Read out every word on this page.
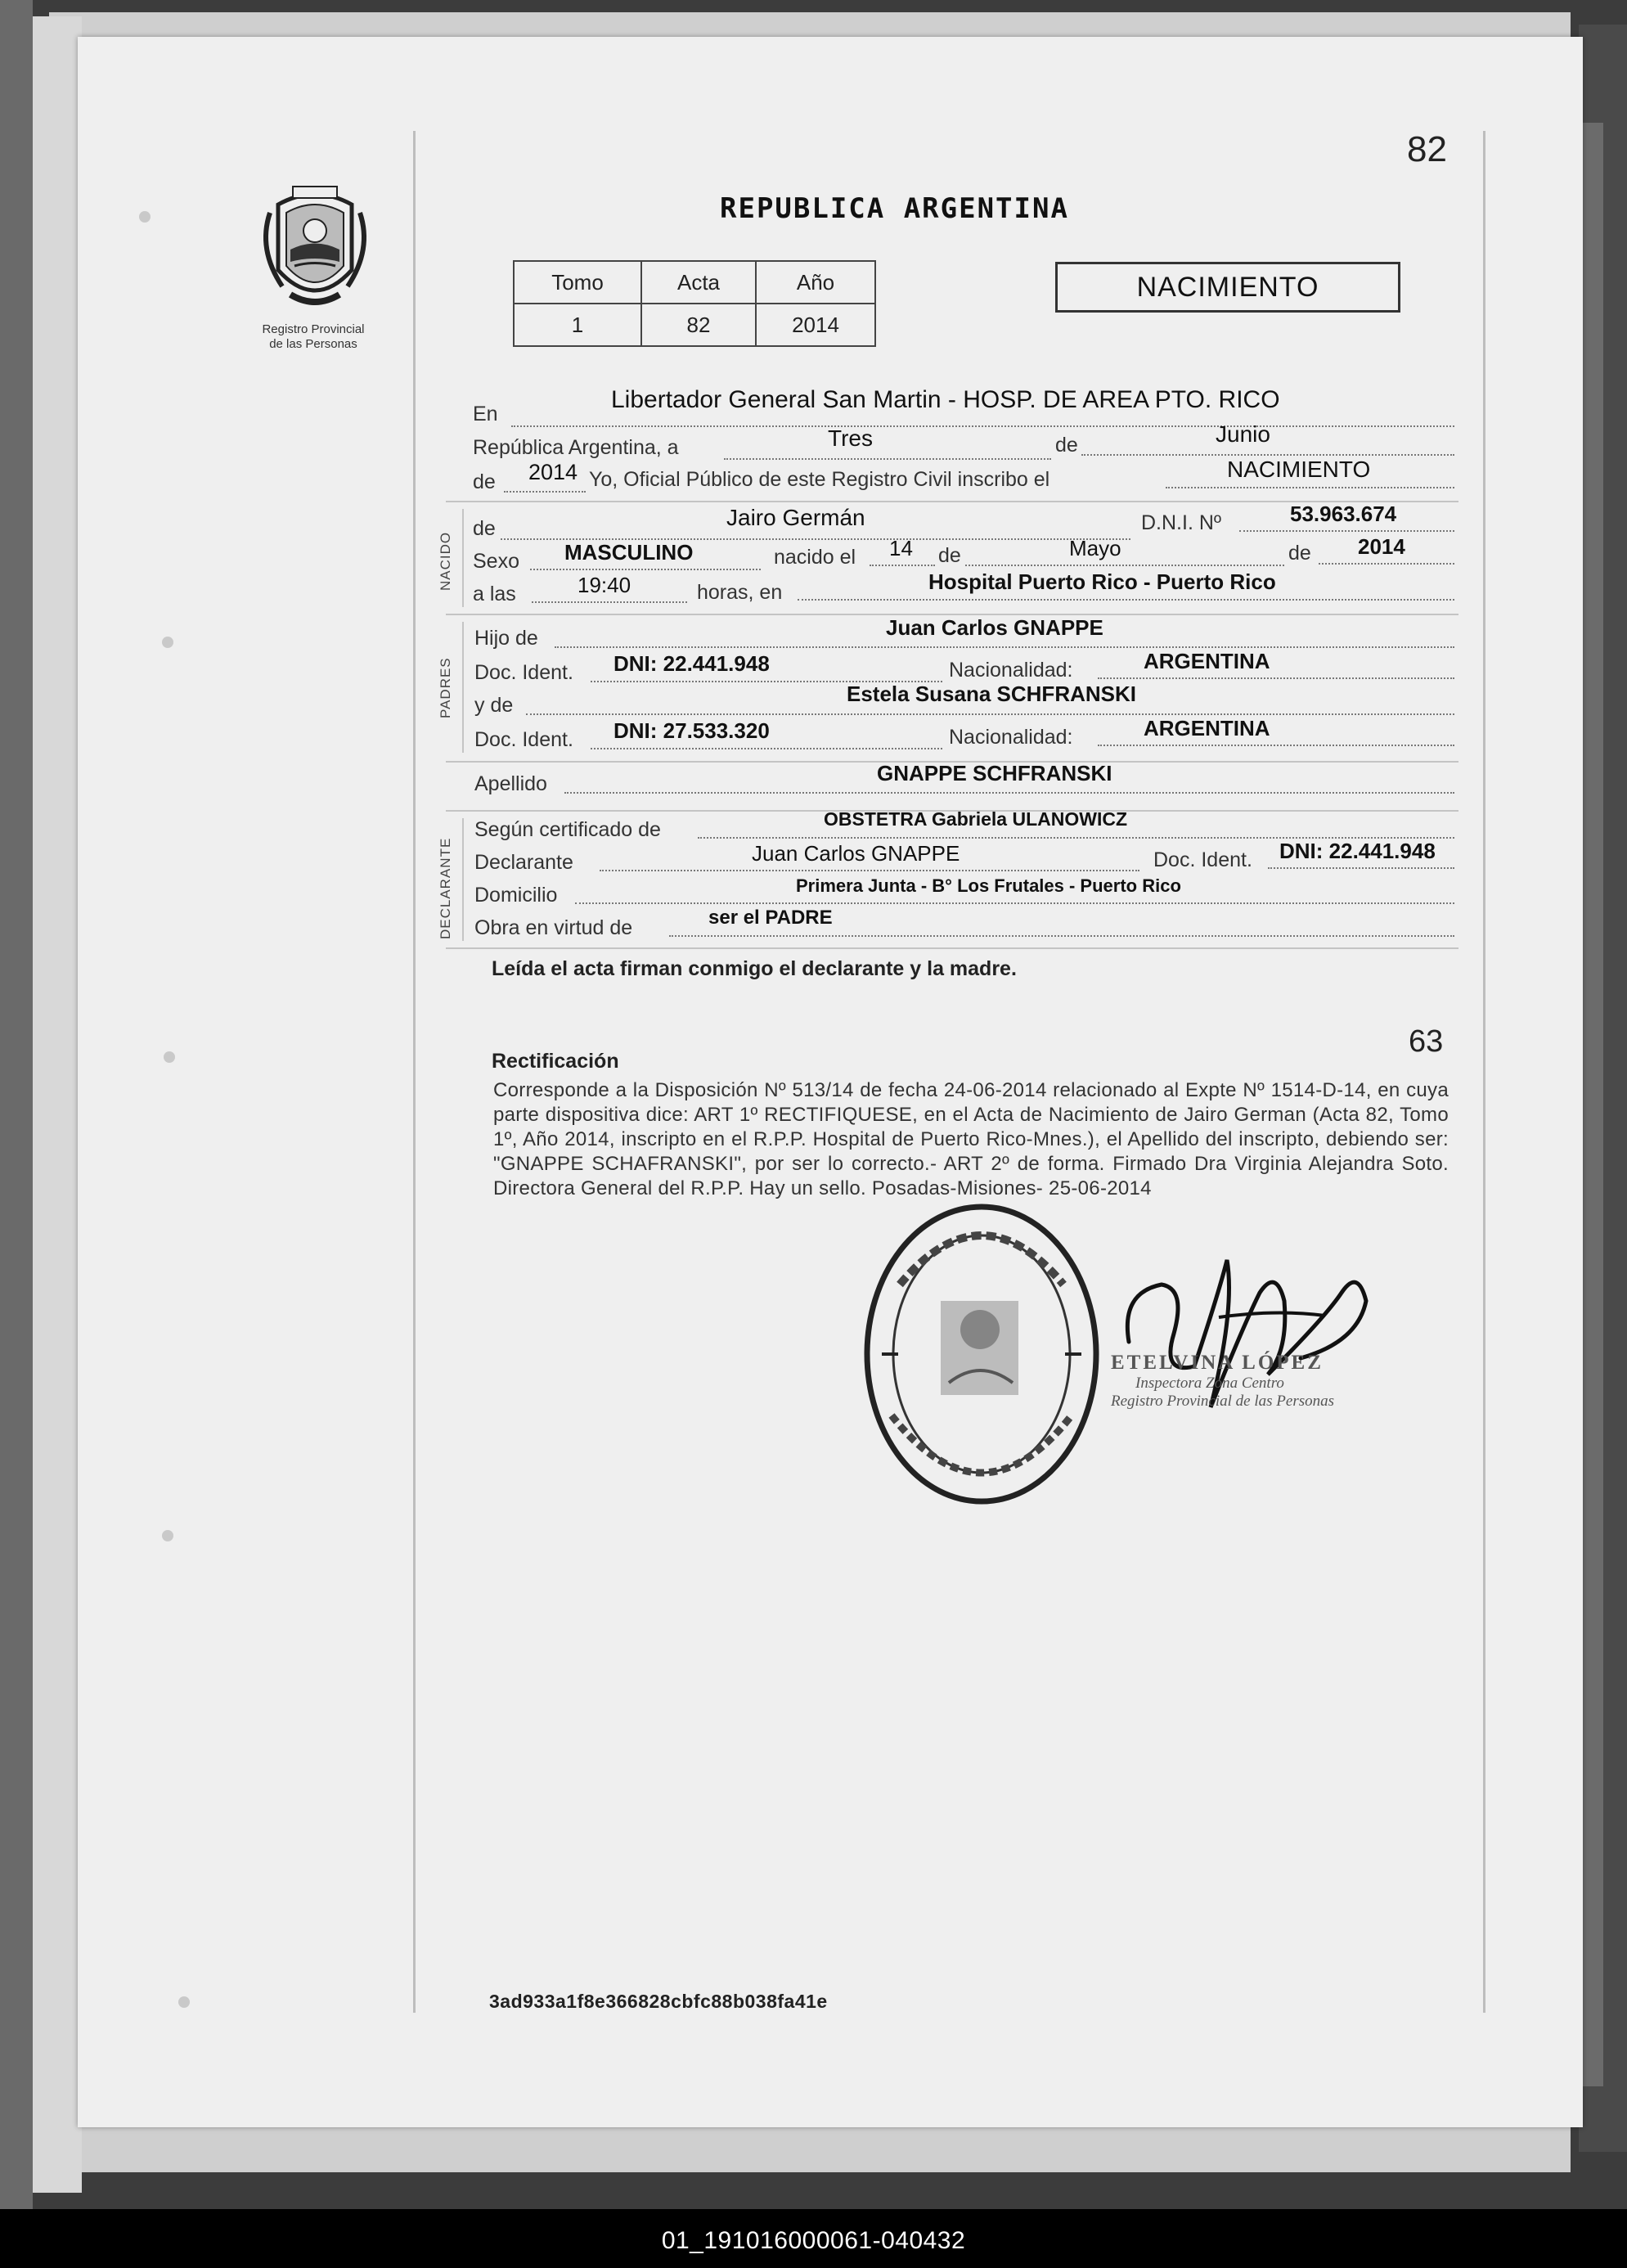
82
REPUBLICA ARGENTINA
Registro Provincial
de las Personas
Tomo	Acta	Año
1	82	2014
NACIMIENTO
En
Libertador General San Martin - HOSP. DE AREA PTO. RICO
República Argentina, a	Tres	de	Junio
de 2014 Yo, Oficial Público de este Registro Civil inscribo el	NACIMIENTO
NACIDO
de	Jairo Germán	D.N.I. Nº	53.963.674
Sexo MASCULINO	nacido el 14 de	Mayo	de 2014
a las	19:40	horas, en	Hospital Puerto Rico - Puerto Rico
PADRES
Hijo de	Juan Carlos GNAPPE
Doc. Ident. DNI: 22.441.948	Nacionalidad:	ARGENTINA
y de	Estela Susana SCHFRANSKI
Doc. Ident. DNI: 27.533.320	Nacionalidad:	ARGENTINA
Apellido	GNAPPE SCHFRANSKI
DECLARANTE
Según certificado de	OBSTETRA Gabriela ULANOWICZ
Declarante	Juan Carlos GNAPPE	Doc. Ident. DNI: 22.441.948
Domicilio	Primera Junta - B° Los Frutales - Puerto Rico
Obra en virtud de	ser el PADRE
Leída el acta firman conmigo el declarante y la madre.
Rectificación
63
Corresponde a la Disposición Nº 513/14 de fecha 24-06-2014 relacionado al Expte Nº 1514-D-14, en cuya parte dispositiva dice: ART 1º RECTIFIQUESE, en el Acta de Nacimiento de Jairo German (Acta 82, Tomo 1º, Año 2014, inscripto en el R.P.P. Hospital de Puerto Rico-Mnes.), el Apellido del inscripto, debiendo ser: "GNAPPE SCHAFRANSKI", por ser lo correcto.- ART 2º de forma. Firmado Dra Virginia Alejandra Soto. Directora General del R.P.P. Hay un sello. Posadas-Misiones- 25-06-2014
ETELVINA LÓPEZ
Inspectora Zona Centro
Registro Provincial de las Personas
3ad933a1f8e366828cbfc88b038fa41e
01_191016000061-040432
